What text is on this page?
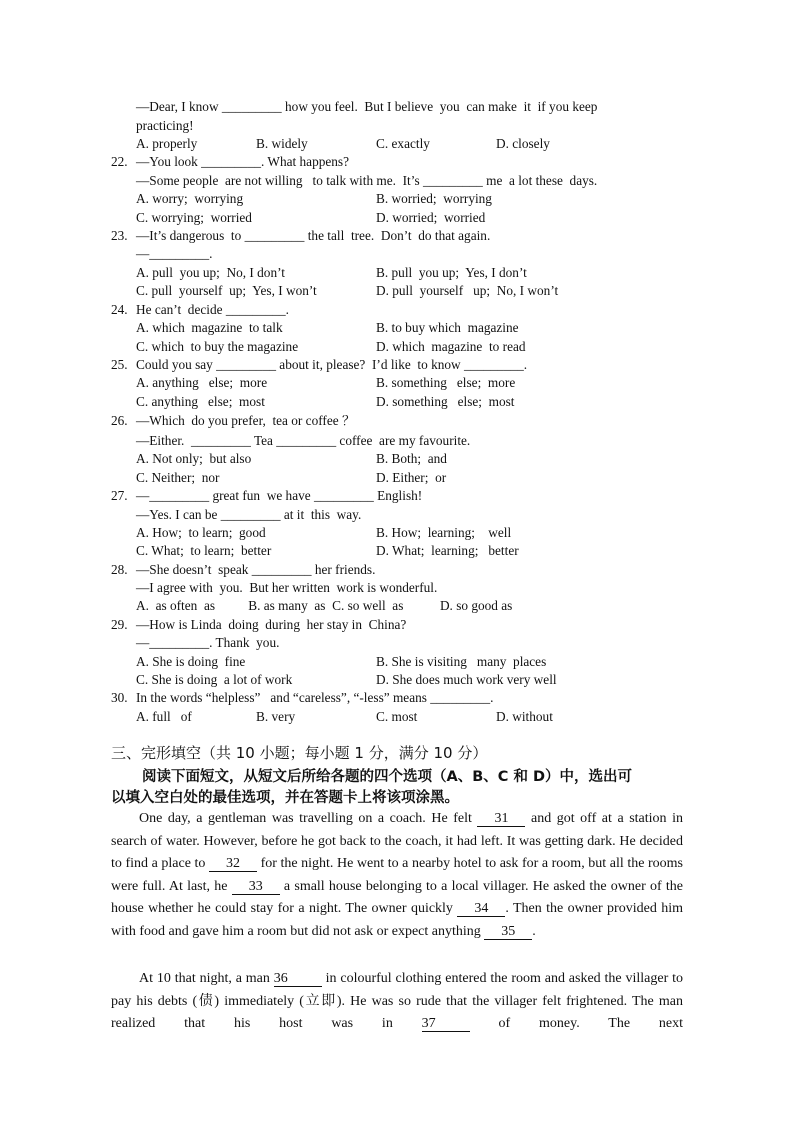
—Dear, I know _________ how you feel.  But I believe  you  can make  it  if you keep
practicing!
A. properly	B. widely	C. exactly	D. closely
22. —You look _________. What happens?
—Some people  are not willing   to talk with me.  It’s _________ me  a lot these  days.
A. worry;  worrying	B. worried;  worrying
C. worrying;  worried	D. worried;  worried
23. —It’s dangerous  to _________ the tall  tree.  Don’t  do that again.
—_________.
A. pull  you up;  No, I don’t	B. pull  you up;  Yes, I don’t
C. pull  yourself  up;  Yes, I won’t	D. pull  yourself   up;  No, I won’t
24. He can’t  decide _________.
A. which  magazine  to talk	B. to buy which  magazine
C. which  to buy the magazine	D. which  magazine  to read
25. Could you say _________ about it, please?  I’d like  to know _________.
A. anything   else;  more	B. something   else;  more
C. anything   else;  most	D. something   else;  most
26. —Which  do you prefer,  tea or coffee ？
—Either.  _________ Tea _________ coffee  are my favourite.
A. Not only;  but also	B. Both;  and
C. Neither;  nor	D. Either;  or
27. —_________ great fun  we have _________ English!
—Yes. I can be _________ at it  this  way.
A. How;  to learn;  good	B. How;  learning;    well
C. What;  to learn;  better	D. What;  learning;   better
28. —She doesn’t  speak _________ her friends.
—I agree with  you.  But her written  work is wonderful.
A.  as often  as          B. as many  as  C. so well  as           D. so good as
29. —How is Linda  doing  during  her stay in  China?
—_________. Thank  you.
A. She is doing  fine	B. She is visiting   many  places
C. She is doing  a lot of work	D. She does much work very well
30. In the words “helpless”   and “careless”, “-less” means _________.
A. full   of	B. very	C. most	D. without
三、完形填空（共 10 小题；每小题 1 分，满分 10 分）
阅读下面短文，从短文后所给各题的四个选项（A、B、C 和 D）中，选出可
以填入空白处的最佳选项，并在答题卡上将该项涂黑。
One day, a gentleman was travelling on a coach. He felt 31 and got off at a station in search of water. However, before he got back to the coach, it had left. It was getting dark. He decided to find a place to 32 for the night. He went to a nearby hotel to ask for a room, but all the rooms were full. At last, he 33 a small house belonging to a local villager. He asked the owner of the house whether he could stay for a night. The owner quickly 34 . Then the owner provided him with food and gave him a room but did not ask or expect anything 35 .
At 10 that night, a man 36 in colourful clothing entered the room and asked the villager to pay his debts (债) immediately (立即). He was so rude that the villager felt frightened. The man realized that his host was in 37 of money. The next
